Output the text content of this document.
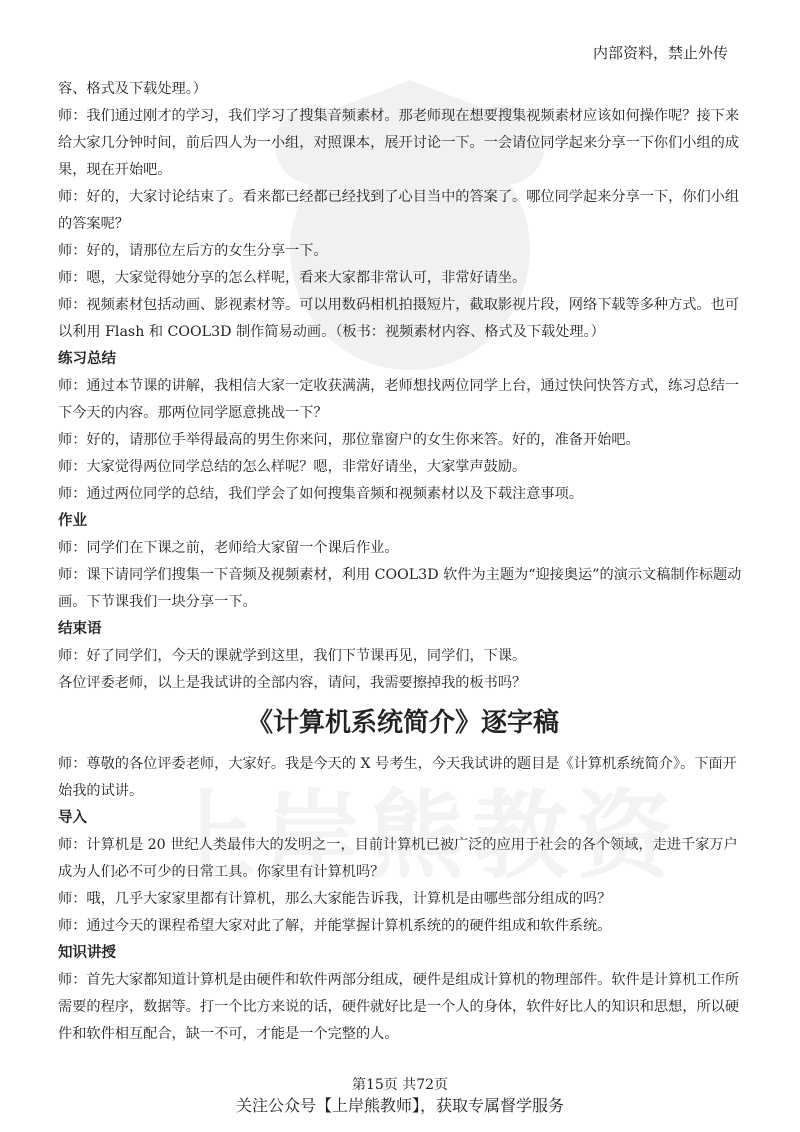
内部资料，禁止外传

容、格式及下载处理。）

师：我们通过刚才的学习，我们学习了搜集音频素材。那老师现在想要搜集视频素材应该如何操作呢？接下来给大家几分钟时间，前后四人为一小组，对照课本，展开讨论一下。一会请位同学起来分享一下你们小组的成果，现在开始吧。

师：好的，大家讨论结束了。看来都已经都已经找到了心目当中的答案了。哪位同学起来分享一下，你们小组的答案呢？

师：好的，请那位左后方的女生分享一下。

师：嗯，大家觉得她分享的怎么样呢，看来大家都非常认可，非常好请坐。

师：视频素材包括动画、影视素材等。可以用数码相机拍摄短片，截取影视片段，网络下载等多种方式。也可以利用 Flash 和 COOL3D 制作简易动画。（板书：视频素材内容、格式及下载处理。）

练习总结

师：通过本节课的讲解，我相信大家一定收获满满，老师想找两位同学上台，通过快问快答方式，练习总结一下今天的内容。那两位同学愿意挑战一下？

师：好的，请那位手举得最高的男生你来问，那位靠窗户的女生你来答。好的，准备开始吧。

师：大家觉得两位同学总结的怎么样呢？嗯，非常好请坐，大家掌声鼓励。

师：通过两位同学的总结，我们学会了如何搜集音频和视频素材以及下载注意事项。

作业

师：同学们在下课之前，老师给大家留一个课后作业。

师：课下请同学们搜集一下音频及视频素材，利用 COOL3D 软件为主题为“迎接奥运”的演示文稿制作标题动画。下节课我们一块分享一下。

结束语

师：好了同学们，今天的课就学到这里，我们下节课再见，同学们，下课。

各位评委老师，以上是我试讲的全部内容，请问，我需要擦掉我的板书吗？

《计算机系统简介》逐字稿

师：尊敬的各位评委老师，大家好。我是今天的 X 号考生，今天我试讲的题目是《计算机系统简介》。下面开始我的试讲。

导入

师：计算机是 20 世纪人类最伟大的发明之一，目前计算机已被广泛的应用于社会的各个领域，走进千家万户成为人们必不可少的日常工具。你家里有计算机吗？

师：哦，几乎大家家里都有计算机，那么大家能告诉我，计算机是由哪些部分组成的吗？

师：通过今天的课程希望大家对此了解，并能掌握计算机系统的的硬件组成和软件系统。

知识讲授

师：首先大家都知道计算机是由硬件和软件两部分组成，硬件是组成计算机的物理部件。软件是计算机工作所需要的程序，数据等。打一个比方来说的话，硬件就好比是一个人的身体，软件好比人的知识和思想，所以硬件和软件相互配合，缺一不可，才能是一个完整的人。

第15页 共72页
关注公众号【上岸熊教师】，获取专属督学服务
